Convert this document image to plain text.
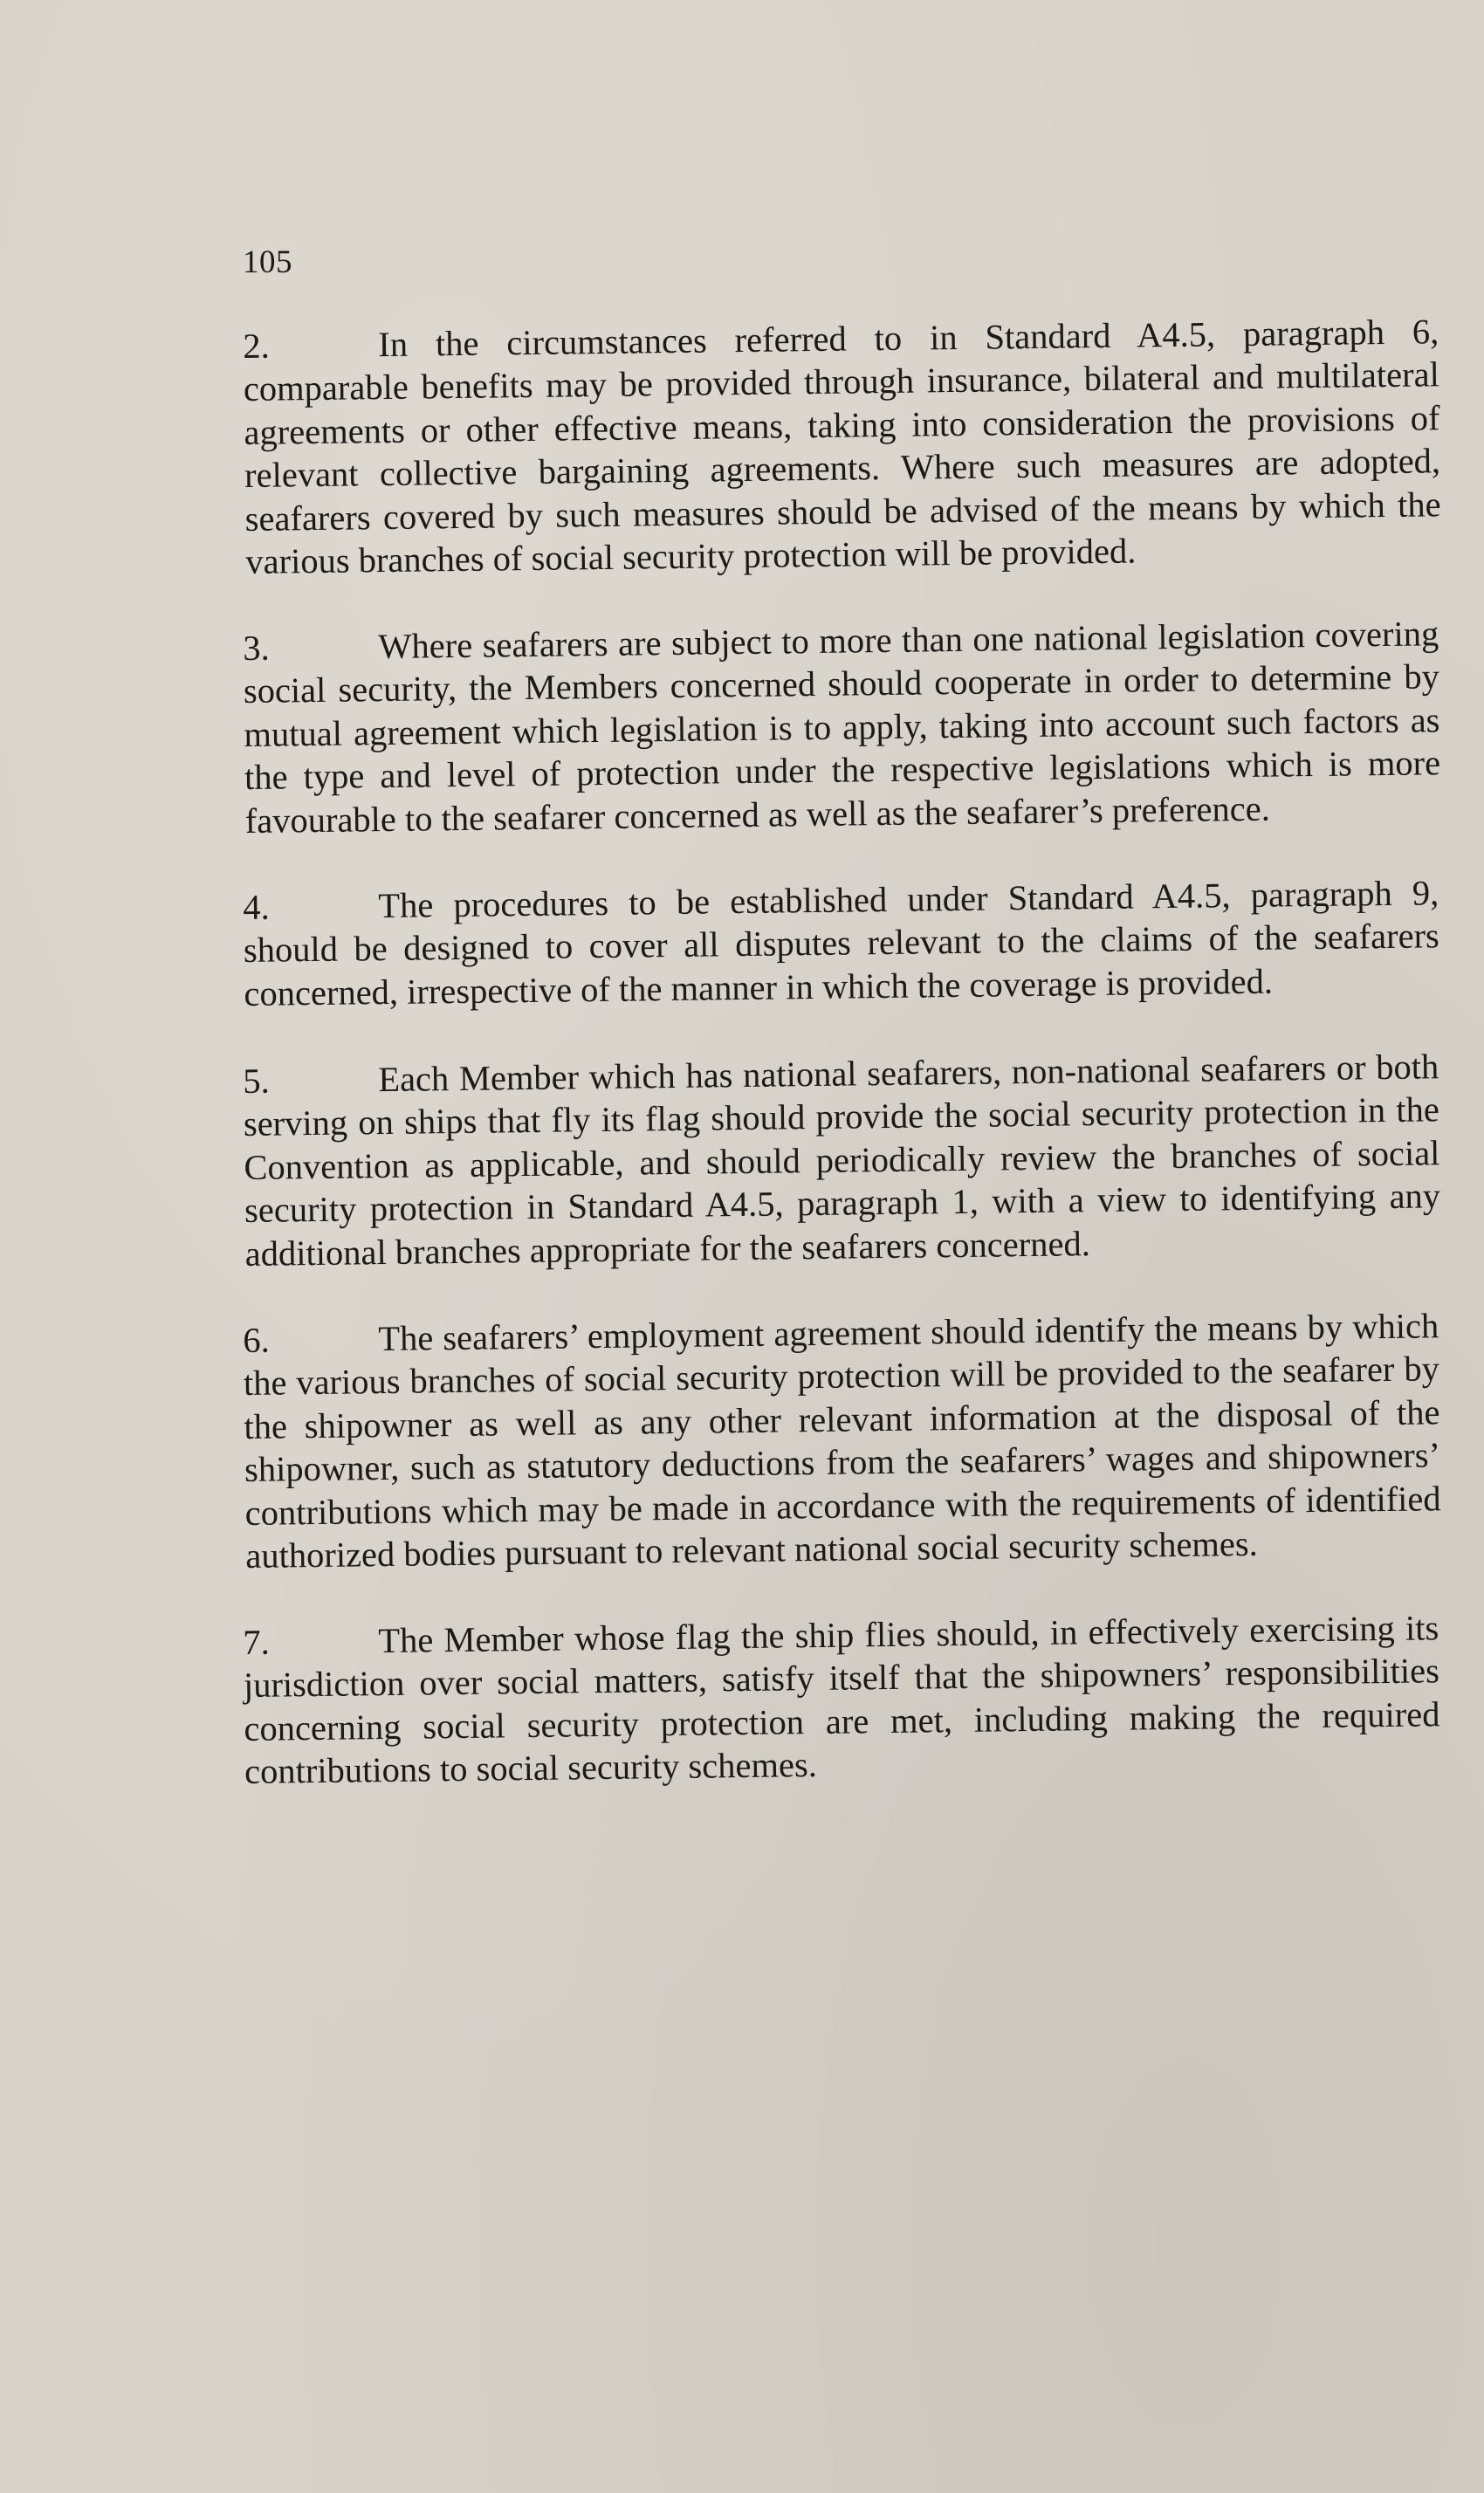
105

2.	In the circumstances referred to in Standard A4.5, paragraph 6, comparable benefits may be provided through insurance, bilateral and multilateral agreements or other effective means, taking into consideration the provisions of relevant collective bargaining agreements. Where such measures are adopted, seafarers covered by such measures should be advised of the means by which the various branches of social security protection will be provided.

3.	Where seafarers are subject to more than one national legislation covering social security, the Members concerned should cooperate in order to determine by mutual agreement which legislation is to apply, taking into account such factors as the type and level of protection under the respective legislations which is more favourable to the seafarer concerned as well as the seafarer’s preference.

4.	The procedures to be established under Standard A4.5, paragraph 9, should be designed to cover all disputes relevant to the claims of the seafarers concerned, irrespective of the manner in which the coverage is provided.

5.	Each Member which has national seafarers, non-national seafarers or both serving on ships that fly its flag should provide the social security protection in the Convention as applicable, and should periodically review the branches of social security protection in Standard A4.5, paragraph 1, with a view to identifying any additional branches appropriate for the seafarers concerned.

6.	The seafarers’ employment agreement should identify the means by which the various branches of social security protection will be provided to the seafarer by the shipowner as well as any other relevant information at the disposal of the shipowner, such as statutory deductions from the seafarers’ wages and shipowners’ contributions which may be made in accordance with the requirements of identified authorized bodies pursuant to relevant national social security schemes.

7.	The Member whose flag the ship flies should, in effectively exercising its jurisdiction over social matters, satisfy itself that the shipowners’ responsibilities concerning social security protection are met, including making the required contributions to social security schemes.
